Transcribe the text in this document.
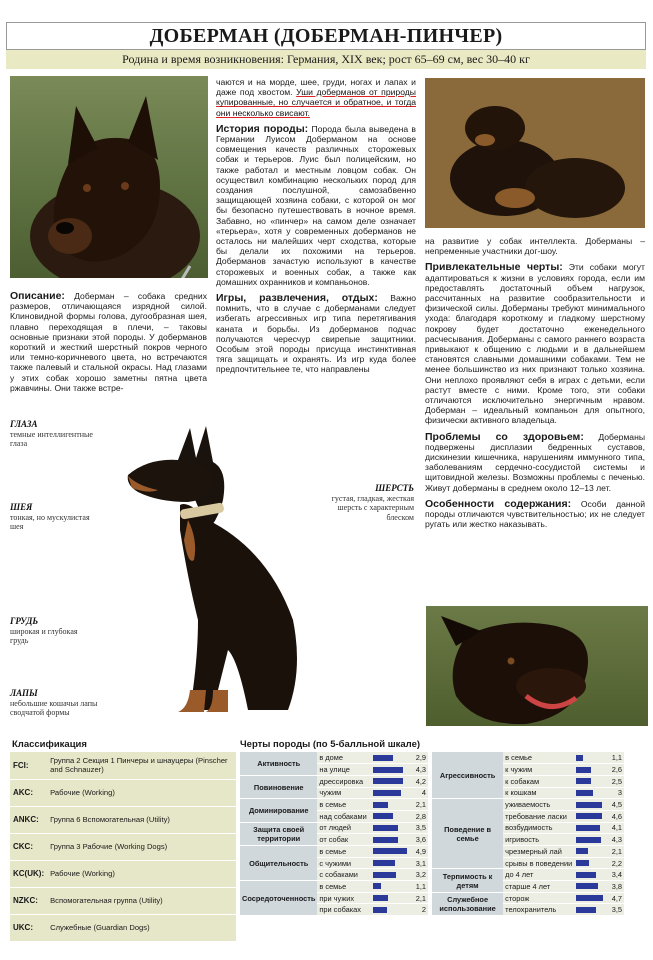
ДОБЕРМАН (ДОБЕРМАН-ПИНЧЕР)
Родина и время возникновения: Германия, XIX век; рост 65–69 см, вес 30–40 кг
Описание: Доберман – собака средних размеров, отличающаяся изрядной силой. Клиновидной формы голова, дугообразная шея, плавно переходящая в плечи, – таковы основные признаки этой породы. У доберманов короткий и жесткий шерстный покров черного или темно-коричневого цвета, но встречаются также палевый и стальной окрасы. Над глазами у этих собак хорошо заметны пятна цвета ржавчины. Они также встре-
чаются и на морде, шее, груди, ногах и лапах и даже под хвостом. Уши доберманов от природы купированные, но случается и обратное, и тогда они несколько свисают.
История породы: Порода была выведена в Германии Луисом Доберманом на основе совмещения качеств различных сторожевых собак и терьеров. Луис был полицейским, но также работал и местным ловцом собак. Он осуществил комбинацию нескольких пород для создания послушной, самозабвенно защищающей хозяина собаки, с которой он мог бы безопасно путешествовать в ночное время. Забавно, но «пинчер» на самом деле означает «терьера», хотя у современных доберманов не осталось ни малейших черт сходства, которые бы делали их похожими на терьеров. Доберманов зачастую используют в качестве сторожевых и военных собак, а также как домашних охранников и компаньонов.
Игры, развлечения, отдых: Важно помнить, что в случае с доберманами следует избегать агрессивных игр типа перетягивания каната и борьбы. Из доберманов подчас получаются чересчур свирепые защитники. Особым этой породы присуща инстинктивная тяга защищать и охранять. Из игр куда более предпочтительнее те, что направлены
на развитие у собак интеллекта. Доберманы – непременные участники дог-шоу.
Привлекательные черты: Эти собаки могут адаптироваться к жизни в условиях города, если им предоставлять достаточный объем нагрузок, рассчитанных на развитие сообразительности и физической силы. Доберманы требуют минимального ухода: благодаря короткому и гладкому шерстному покрову будет достаточно еженедельного расчесывания. Доберманы с самого раннего возраста привыкают к общению с людьми и в дальнейшем становятся славными домашними собаками. Тем не менее большинство из них признают только хозяина. Они неплохо проявляют себя в играх с детьми, если растут вместе с ними. Кроме того, эти собаки отличаются исключительно энергичным нравом. Доберман – идеальный компаньон для опытного, физически активного владельца.
Проблемы со здоровьем: Доберманы подвержены дисплазии бедренных суставов, дискинезии кишечника, нарушениям иммунного типа, заболеваниям сердечно-сосудистой системы и щитовидной железы. Возможны проблемы с печенью. Живут доберманы в среднем около 12–13 лет.
Особенности содержания: Особи данной породы отличаются чувствительностью; их не следует ругать или жестко наказывать.
ГЛАЗА
темные интеллигентные глаза
ШЕЯ
тонкая, но мускулистая шея
ГРУДЬ
широкая и глубокая грудь
ЛАПЫ
небольшие кошачьи лапы сводчатой формы
ШЕРСТЬ
густая, гладкая, жесткая шерсть с характерным блеском
Классификация
FCI:	Группа 2 Секция 1 Пинчеры и шнауцеры (Pinscher and Schnauzer)
AKC:	Рабочие (Working)
ANKC:	Группа 6 Вспомогательная (Utility)
CKC:	Группа 3 Рабочие (Working Dogs)
KC(UK):	Рабочие (Working)
NZKC:	Вспомогательная группа (Utility)
UKC:	Служебные (Guardian Dogs)
Черты породы (по 5-балльной шкале)
Активность	в доме		2,9
	на улице		4,3
Повиновение	дрессировка		4,2
	чужим		4
Доминирование	в семье		2,1
	над собаками		2,8
Защита своей территории	от людей		3,5
	от собак		3,6
Общительность	в семье		4,9
	с чужими		3,1
	с собаками		3,2
Сосредоточенность	в семье		1,1
	при чужих		2,1
	при собаках		2
Агрессивность	в семье		1,1
	к чужим		2,6
	к собакам		2,5
	к кошкам		3
Поведение в семье	уживаемость		4,5
	требование ласки		4,6
	возбудимость		4,1
	игривость		4,3
	чрезмерный лай		2,1
	срывы в поведении		2,2
Терпимость к детям	до 4 лет		3,4
	старше 4 лет		3,8
Служебное использование	сторож		4,7
	телохранитель		3,5
